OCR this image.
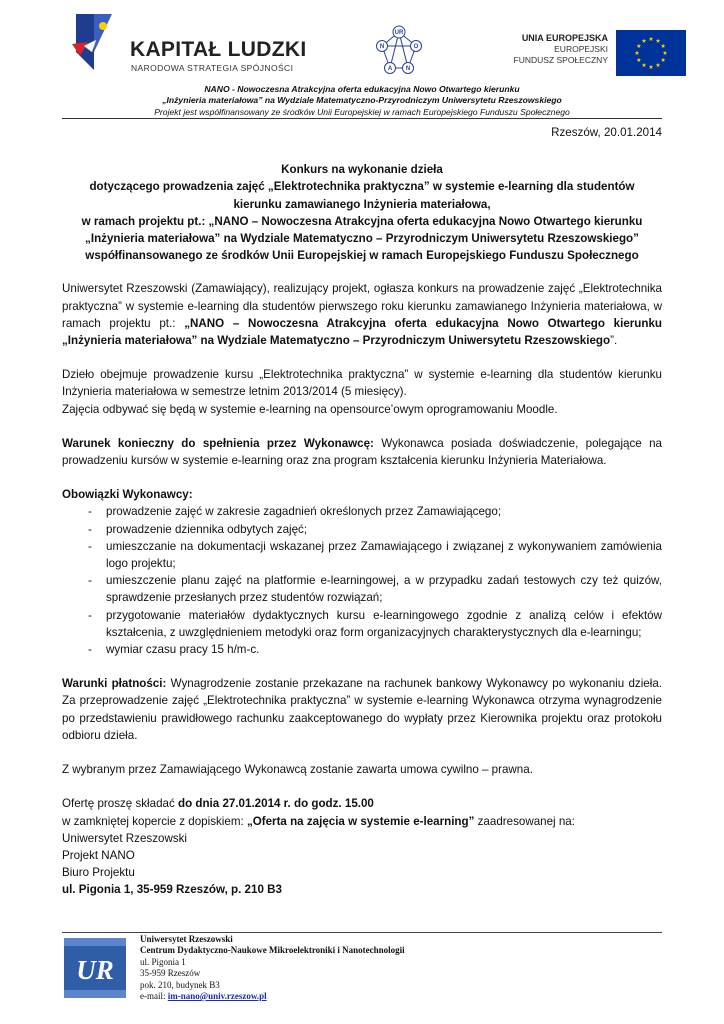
KAPITAŁ LUDZKI
NARODOWA STRATEGIA SPÓJNOŚCI
UR
N
A N
O
UNIA EUROPEJSKA
EUROPEJSKI
FUNDUSZ SPOŁECZNY
NANO - Nowoczesna Atrakcyjna oferta edukacyjna Nowo Otwartego kierunku
„Inżynieria materiałowa” na Wydziale Matematyczno-Przyrodniczym Uniwersytetu Rzeszowskiego
Projekt jest współfinansowany ze środków Unii Europejskiej w ramach Europejskiego Funduszu Społecznego
Rzeszów, 20.01.2014
Konkurs na wykonanie dzieła
dotyczącego prowadzenia zajęć „Elektrotechnika praktyczna” w systemie e-learning dla studentów
kierunku zamawianego Inżynieria materiałowa,
w ramach projektu pt.: „NANO – Nowoczesna Atrakcyjna oferta edukacyjna Nowo Otwartego kierunku
„Inżynieria materiałowa” na Wydziale Matematyczno – Przyrodniczym Uniwersytetu Rzeszowskiego”
współfinansowanego ze środków Unii Europejskiej w ramach Europejskiego Funduszu Społecznego

Uniwersytet Rzeszowski (Zamawiający), realizujący projekt, ogłasza konkurs na prowadzenie zajęć „Elektrotechnika praktyczna” w systemie e-learning dla studentów pierwszego roku kierunku zamawianego Inżynieria materiałowa, w ramach projektu pt.: „NANO – Nowoczesna Atrakcyjna oferta edukacyjna Nowo Otwartego kierunku „Inżynieria materiałowa” na Wydziale Matematyczno – Przyrodniczym Uniwersytetu Rzeszowskiego”.

Dzieło obejmuje prowadzenie kursu „Elektrotechnika praktyczna” w systemie e-learning dla studentów kierunku Inżynieria materiałowa w semestrze letnim 2013/2014 (5 miesięcy).

Zajęcia odbywać się będą w systemie e-learning na opensource’owym oprogramowaniu Moodle.

Warunek konieczny do spełnienia przez Wykonawcę: Wykonawca posiada doświadczenie, polegające na prowadzeniu kursów w systemie e-learning oraz zna program kształcenia kierunku Inżynieria Materiałowa.

Obowiązki Wykonawcy:

- prowadzenie zajęć w zakresie zagadnień określonych przez Zamawiającego;
- prowadzenie dziennika odbytych zajęć;
- umieszczanie na dokumentacji wskazanej przez Zamawiającego i związanej z wykonywaniem zamówienia logo projektu;
- umieszczenie planu zajęć na platformie e-learningowej, a w przypadku zadań testowych czy też quizów, sprawdzenie przesłanych przez studentów rozwiązań;
- przygotowanie materiałów dydaktycznych kursu e-learningowego zgodnie z analizą celów i efektów kształcenia, z uwzględnieniem metodyki oraz form organizacyjnych charakterystycznych dla e-learningu;
- wymiar czasu pracy 15 h/m-c.

Warunki płatności: Wynagrodzenie zostanie przekazane na rachunek bankowy Wykonawcy po wykonaniu dzieła. Za przeprowadzenie zajęć „Elektrotechnika praktyczna” w systemie e-learning Wykonawca otrzyma wynagrodzenie po przedstawieniu prawidłowego rachunku zaakceptowanego do wypłaty przez Kierownika projektu oraz protokołu odbioru dzieła.

Z wybranym przez Zamawiającego Wykonawcą zostanie zawarta umowa cywilno – prawna.

Ofertę proszę składać do dnia 27.01.2014 r. do godz. 15.00

w zamkniętej kopercie z dopiskiem: „Oferta na zajęcia w systemie e-learning” zaadresowanej na:

Uniwersytet Rzeszowski
Projekt NANO
Biuro Projektu
ul. Pigonia 1, 35-959 Rzeszów, p. 210 B3
UR
Uniwersytet Rzeszowski
Centrum Dydaktyczno-Naukowe Mikroelektroniki i Nanotechnologii
ul. Pigonia 1
35-959 Rzeszów
pok. 210, budynek B3
e-mail: im-nano@univ.rzeszow.pl
